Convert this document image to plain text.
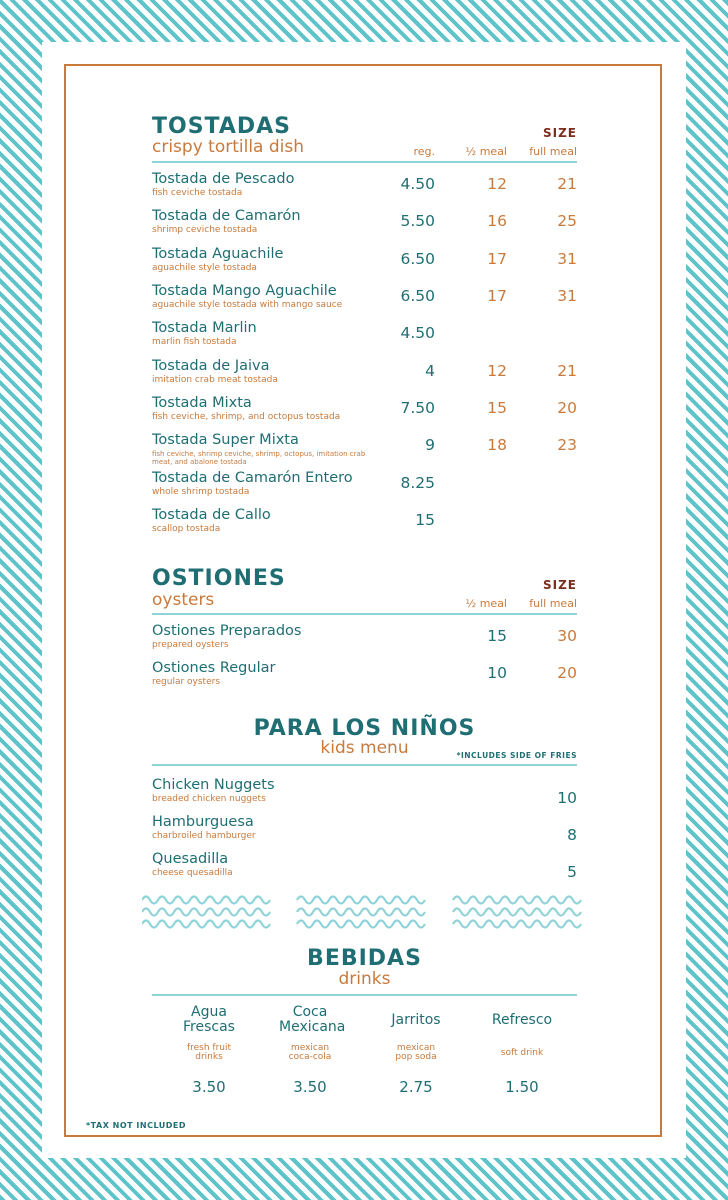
TOSTADAS
crispy tortilla dish
SIZE
reg.	½ meal	full meal
Tostada de Pescado
fish ceviche tostada	4.50	12	21
Tostada de Camarón
shrimp ceviche tostada	5.50	16	25
Tostada Aguachile
aguachile style tostada	6.50	17	31
Tostada Mango Aguachile
aguachile style tostada with mango sauce	6.50	17	31
Tostada Marlin
marlin fish tostada	4.50
Tostada de Jaiva
imitation crab meat tostada	4	12	21
Tostada Mixta
fish ceviche, shrimp, and octopus tostada	7.50	15	20
Tostada Super Mixta
fish ceviche, shrimp ceviche, shrimp, octopus, imitation crab meat, and abalone tostada
9	18	23
Tostada de Camarón Entero
whole shrimp tostada	8.25
Tostada de Callo
scallop tostada	15
OSTIONES
oysters
SIZE
½ meal	full meal
Ostiones Preparados
prepared oysters	15	30
Ostiones Regular
regular oysters	10	20
PARA LOS NIÑOS
kids menu	*INCLUDES SIDE OF FRIES
Chicken Nuggets
breaded chicken nuggets	10
Hamburguesa
charbroiled hamburger	8
Quesadilla
cheese quesadilla	5
BEBIDAS
drinks
Agua Frescas
fresh fruit drinks
3.50
Coca Mexicana
mexican coca-cola
3.50
Jarritos
mexican pop soda
2.75
Refresco
soft drink
1.50
*TAX NOT INCLUDED
